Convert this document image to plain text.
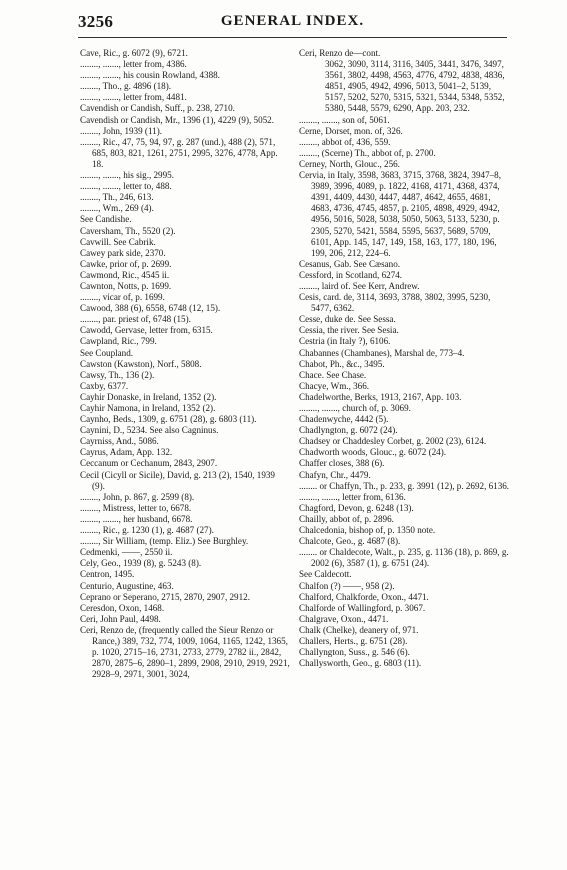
3256	GENERAL INDEX.
Cave, Ric., g. 6072 (9), 6721.
........, ......., letter from, 4386.
........, ......., his cousin Rowland, 4388.
........, Tho., g. 4896 (18).
........, ......., letter from, 4481.
Cavendish or Candish, Suff., p. 238, 2710.
Cavendish or Candish, Mr., 1396 (1), 4229 (9), 5052.
........, John, 1939 (11).
........, Ric., 47, 75, 94, 97, g. 287 (und.), 488 (2), 571, 685, 803, 821, 1261, 2751, 2995, 3276, 4778, App. 18.
........, ......., his sig., 2995.
........, ......., letter to, 488.
........, Th., 246, 613.
........, Wm., 269 (4).
See Candishe.
Caversham, Th., 5520 (2).
Cavwill. See Cabrik.
Cawey park side, 2370.
Cawke, prior of, p. 2699.
Cawmond, Ric., 4545 ii.
Cawnton, Notts, p. 1699.
........, vicar of, p. 1699.
Cawood, 388 (6), 6558, 6748 (12, 15).
........, par. priest of, 6748 (15).
Cawodd, Gervase, letter from, 6315.
Cawpland, Ric., 799.
See Coupland.
Cawston (Kawston), Norf., 5808.
Cawsy, Th., 136 (2).
Caxby, 6377.
Cayhir Donaske, in Ireland, 1352 (2).
Cayhir Namona, in Ireland, 1352 (2).
Caynho, Beds., 1309, g. 6751 (28), g. 6803 (11).
Caynini, D., 5234. See also Cagninus.
Cayrniss, And., 5086.
Cayrus, Adam, App. 132.
Ceccanum or Cechanum, 2843, 2907.
Cecil (Cicyll or Sicile), David, g. 213 (2), 1540, 1939 (9).
........, John, p. 867, g. 2599 (8).
........, Mistress, letter to, 6678.
........, ......., her husband, 6678.
........, Ric., g. 1230 (1), g. 4687 (27).
........, Sir William, (temp. Eliz.) See Burghley.
Cedmenki, ——, 2550 ii.
Cely, Geo., 1939 (8), g. 5243 (8).
Centron, 1495.
Centurio, Augustine, 463.
Ceprano or Seperano, 2715, 2870, 2907, 2912.
Ceresdon, Oxon, 1468.
Ceri, John Paul, 4498.
Ceri, Renzo de, (frequently called the Sieur Renzo or Rance,) 389, 732, 774, 1009, 1064, 1165, 1242, 1365, p. 1020, 2715–16, 2731, 2733, 2779, 2782 ii., 2842, 2870, 2875–6, 2890–1, 2899, 2908, 2910, 2919, 2921, 2928–9, 2971, 3001, 3024,
Ceri, Renzo de—cont.
3062, 3090, 3114, 3116, 3405, 3441, 3476, 3497, 3561, 3802, 4498, 4563, 4776, 4792, 4838, 4836, 4851, 4905, 4942, 4996, 5013, 5041–2, 5139, 5157, 5202, 5270, 5315, 5321, 5344, 5348, 5352, 5380, 5448, 5579, 6290, App. 203, 232.
........, ......., son of, 5061.
Cerne, Dorset, mon. of, 326.
........, abbot of, 436, 559.
........, (Scerne) Th., abbot of, p. 2700.
Cerney, North, Glouc., 256.
Cervia, in Italy, 3598, 3683, 3715, 3768, 3824, 3947–8, 3989, 3996, 4089, p. 1822, 4168, 4171, 4368, 4374, 4391, 4409, 4430, 4447, 4487, 4642, 4655, 4681, 4683, 4736, 4745, 4857, p. 2105, 4898, 4929, 4942, 4956, 5016, 5028, 5038, 5050, 5063, 5133, 5230, p. 2305, 5270, 5421, 5584, 5595, 5637, 5689, 5709, 6101, App. 145, 147, 149, 158, 163, 177, 180, 196, 199, 206, 212, 224–6.
Cesanus, Gab. See Cæsano.
Cessford, in Scotland, 6274.
........, laird of. See Kerr, Andrew.
Cesis, card. de, 3114, 3693, 3788, 3802, 3995, 5230, 5477, 6362.
Cesse, duke de. See Sessa.
Cessia, the river. See Sesia.
Cestria (in Italy ?), 6106.
Chabannes (Chambanes), Marshal de, 773–4.
Chabot, Ph., &c., 3495.
Chace. See Chase.
Chacye, Wm., 366.
Chadelworthe, Berks, 1913, 2167, App. 103.
........, ......., church of, p. 3069.
Chadenwyche, 4442 (5).
Chadlyngton, g. 6072 (24).
Chadsey or Chaddesley Corbet, g. 2002 (23), 6124.
Chadworth woods, Glouc., g. 6072 (24).
Chaffer closes, 388 (6).
Chafyn, Chr., 4479.
........ or Chaffyn, Th., p. 233, g. 3991 (12), p. 2692, 6136.
........, ......., letter from, 6136.
Chagford, Devon, g. 6248 (13).
Chailly, abbot of, p. 2896.
Chalcedonia, bishop of, p. 1350 note.
Chalcote, Geo., g. 4687 (8).
........ or Chaldecote, Walt., p. 235, g. 1136 (18), p. 869, g. 2002 (6), 3587 (1), g. 6751 (24).
See Caldecott.
Chalfon (?) ——, 958 (2).
Chalford, Chalkforde, Oxon., 4471.
Chalforde of Wallingford, p. 3067.
Chalgrave, Oxon., 4471.
Chalk (Chelke), deanery of, 971.
Challers, Herts., g. 6751 (28).
Challyngton, Suss., g. 546 (6).
Challysworth, Geo., g. 6803 (11).
